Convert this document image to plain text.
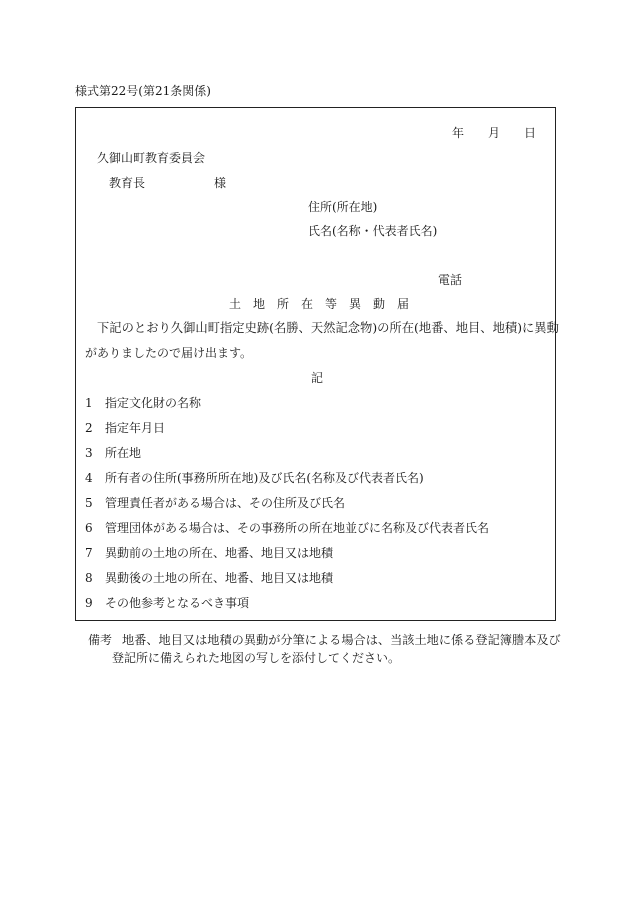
様式第22号(第21条関係)
年 月 日
久御山町教育委員会
教育長	様
住所(所在地)
氏名(名称・代表者氏名)
電話
土地所在等異動届
下記のとおり久御山町指定史跡(名勝、天然記念物)の所在(地番、地目、地積)に異動
がありましたので届け出ます。
記
1 指定文化財の名称
2 指定年月日
3 所在地
4 所有者の住所(事務所所在地)及び氏名(名称及び代表者氏名)
5 管理責任者がある場合は、その住所及び氏名
6 管理団体がある場合は、その事務所の所在地並びに名称及び代表者氏名
7 異動前の土地の所在、地番、地目又は地積
8 異動後の土地の所在、地番、地目又は地積
9 その他参考となるべき事項
備考 地番、地目又は地積の異動が分筆による場合は、当該土地に係る登記簿謄本及び
登記所に備えられた地図の写しを添付してください。
